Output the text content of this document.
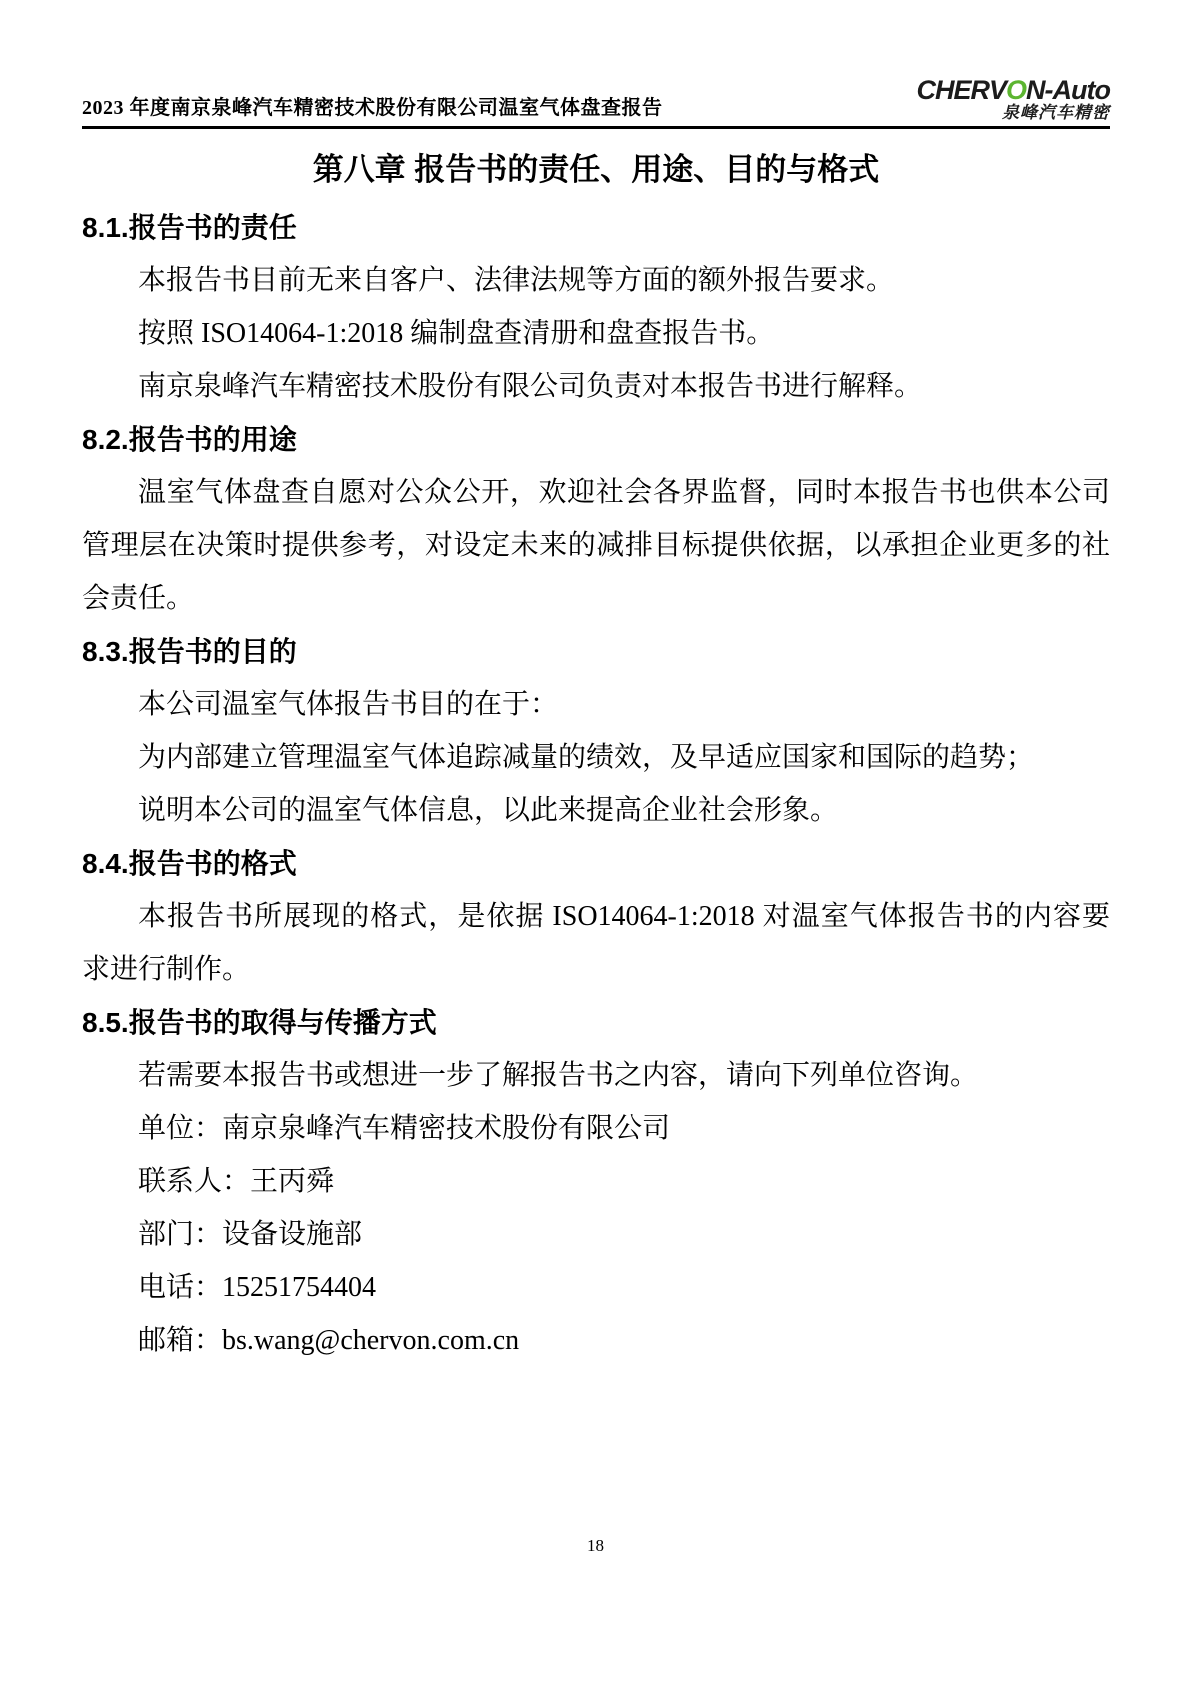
2023 年度南京泉峰汽车精密技术股份有限公司温室气体盘查报告
CHERVON-Auto
泉峰汽车精密
第八章 报告书的责任、用途、目的与格式
8.1.报告书的责任

本报告书目前无来自客户、法律法规等方面的额外报告要求。

按照 ISO14064-1:2018 编制盘查清册和盘查报告书。

南京泉峰汽车精密技术股份有限公司负责对本报告书进行解释。

8.2.报告书的用途

温室气体盘查自愿对公众公开，欢迎社会各界监督，同时本报告书也供本公司管理层在决策时提供参考，对设定未来的减排目标提供依据，以承担企业更多的社会责任。

8.3.报告书的目的

本公司温室气体报告书目的在于：

为内部建立管理温室气体追踪减量的绩效，及早适应国家和国际的趋势；

说明本公司的温室气体信息，以此来提高企业社会形象。

8.4.报告书的格式

本报告书所展现的格式，是依据 ISO14064-1:2018 对温室气体报告书的内容要求进行制作。

8.5.报告书的取得与传播方式

若需要本报告书或想进一步了解报告书之内容，请向下列单位咨询。

单位：南京泉峰汽车精密技术股份有限公司

联系人：王丙舜

部门：设备设施部

电话：15251754404

邮箱：bs.wang@chervon.com.cn

18
